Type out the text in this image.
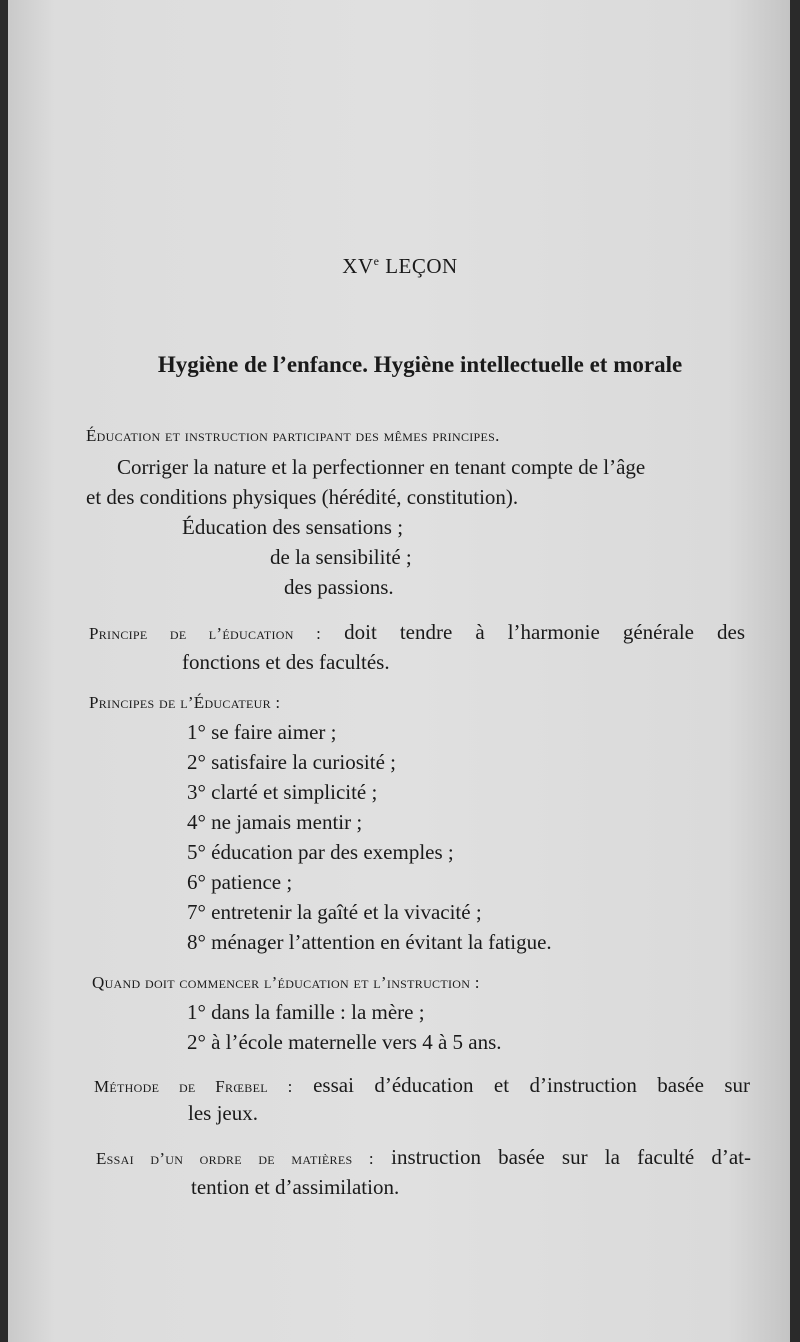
XVe LEÇON
Hygiène de l’enfance. Hygiène intellectuelle et morale
Éducation et instruction participant des mêmes principes.
Corriger la nature et la perfectionner en tenant compte de l’âge
et des conditions physiques (hérédité, constitution).
Éducation des sensations ;
de la sensibilité ;
des passions.
Principe de l’éducation : doit tendre à l’harmonie générale des
fonctions et des facultés.
Principes de l’Éducateur :
1° se faire aimer ;
2° satisfaire la curiosité ;
3° clarté et simplicité ;
4° ne jamais mentir ;
5° éducation par des exemples ;
6° patience ;
7° entretenir la gaîté et la vivacité ;
8° ménager l’attention en évitant la fatigue.
Quand doit commencer l’éducation et l’instruction :
1° dans la famille : la mère ;
2° à l’école maternelle vers 4 à 5 ans.
Méthode de Frœbel : essai d’éducation et d’instruction basée sur
les jeux.
Essai d’un ordre de matières : instruction basée sur la faculté d’at-
tention et d’assimilation.
